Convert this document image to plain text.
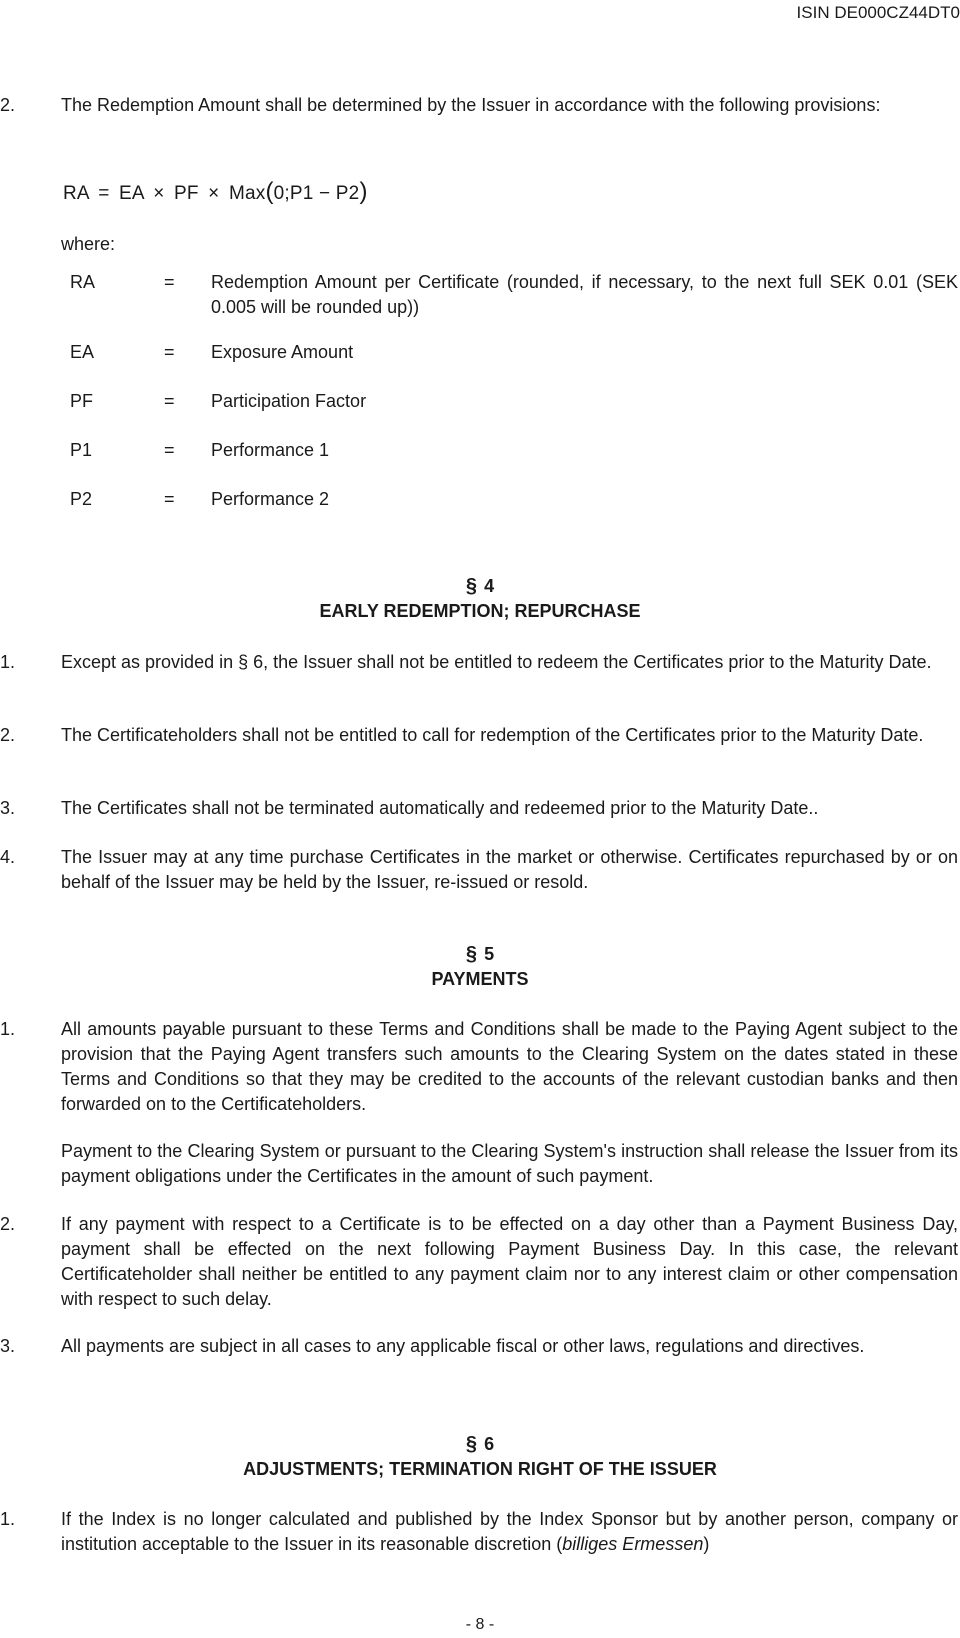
ISIN DE000CZ44DT0
2.	The Redemption Amount shall be determined by the Issuer in accordance with the following provisions:
RA = EA × PF × Max(0;P1 − P2)
where:
RA	= Redemption Amount per Certificate (rounded, if necessary, to the next full SEK 0.01 (SEK 0.005 will be rounded up))
EA	= Exposure Amount
PF	= Participation Factor
P1	= Performance 1
P2	= Performance 2
§ 4
EARLY REDEMPTION; REPURCHASE
1.	Except as provided in § 6, the Issuer shall not be entitled to redeem the Certificates prior to the Maturity Date.
2.	The Certificateholders shall not be entitled to call for redemption of the Certificates prior to the Maturity Date.
3.	The Certificates shall not be terminated automatically and redeemed prior to the Maturity Date..
4.	The Issuer may at any time purchase Certificates in the market or otherwise. Certificates repurchased by or on behalf of the Issuer may be held by the Issuer, re-issued or resold.
§ 5
PAYMENTS
1.	All amounts payable pursuant to these Terms and Conditions shall be made to the Paying Agent subject to the provision that the Paying Agent transfers such amounts to the Clearing System on the dates stated in these Terms and Conditions so that they may be credited to the accounts of the relevant custodian banks and then forwarded on to the Certificateholders.
Payment to the Clearing System or pursuant to the Clearing System's instruction shall release the Issuer from its payment obligations under the Certificates in the amount of such payment.
2.	If any payment with respect to a Certificate is to be effected on a day other than a Payment Business Day, payment shall be effected on the next following Payment Business Day. In this case, the relevant Certificateholder shall neither be entitled to any payment claim nor to any interest claim or other compensation with respect to such delay.
3.	All payments are subject in all cases to any applicable fiscal or other laws, regulations and directives.
§ 6
ADJUSTMENTS; TERMINATION RIGHT OF THE ISSUER
1.	If the Index is no longer calculated and published by the Index Sponsor but by another person, company or institution acceptable to the Issuer in its reasonable discretion (billiges Ermessen)
- 8 -
